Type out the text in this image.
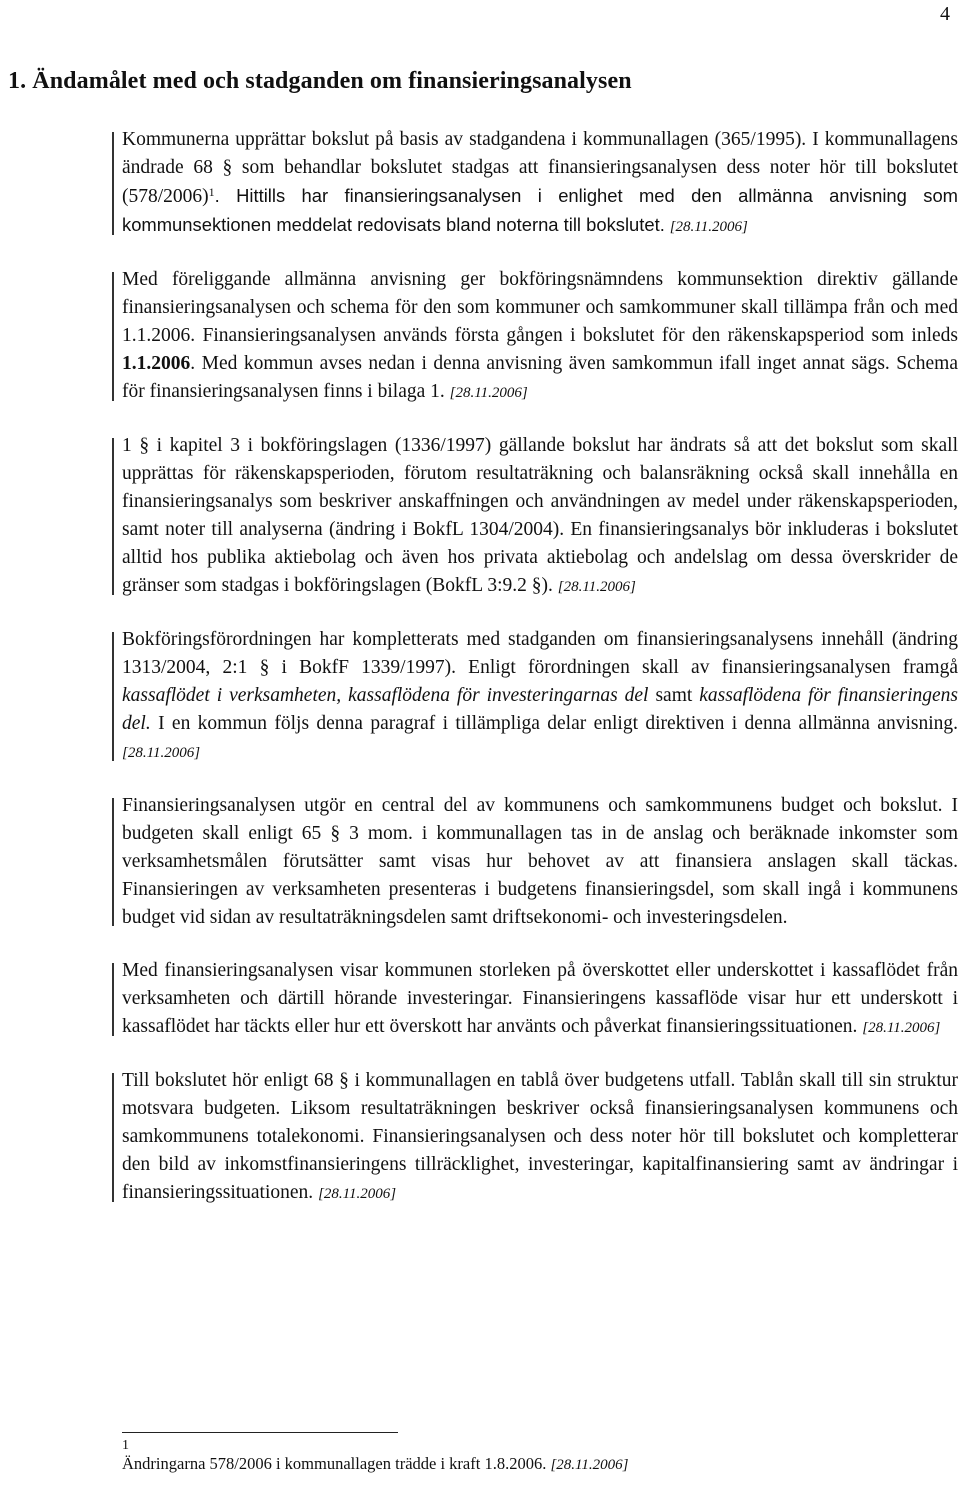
4
1. Ändamålet med och stadganden om finansieringsanalysen

Kommunerna upprättar bokslut på basis av stadgandena i kommunallagen (365/1995). I kommunallagens ändrade 68 § som behandlar bokslutet stadgas att finansieringsanalysen dess noter hör till bokslutet $(578/2006)^1$. Hittills har finansieringsanalysen i enlighet med den allmänna anvisning som kommunsektionen meddelat redovisats bland noterna till bokslutet. [28.11.2006]

Med föreliggande allmänna anvisning ger bokföringsnämndens kommunsektion direktiv gällande finansieringsanalysen och schema för den som kommuner och samkommuner skall tillämpa från och med 1.1.2006. Finansieringsanalysen används första gången i bokslutet för den räkenskapsperiod som inleds 1.1.2006. Med kommun avses nedan i denna anvisning även samkommun ifall inget annat sägs. Schema för finansieringsanalysen finns i bilaga 1. [28.11.2006]

1 § i kapitel 3 i bokföringslagen (1336/1997) gällande bokslut har ändrats så att det bokslut som skall upprättas för räkenskapsperioden, förutom resultaträkning och balansräkning också skall innehålla en finansieringsanalys som beskriver anskaffningen och användningen av medel under räkenskapsperioden, samt noter till analyserna (ändring i BokfL 1304/2004). En finansieringsanalys bör inkluderas i bokslutet alltid hos publika aktiebolag och även hos privata aktiebolag och andelslag om dessa överskrider de gränser som stadgas i bokföringslagen (BokfL 3:9.2 §). [28.11.2006]

Bokföringsförordningen har kompletterats med stadganden om finansieringsanalysens innehåll (ändring 1313/2004, 2:1 § i BokfF 1339/1997). Enligt förordningen skall av finansieringsanalysen framgå kassaflödet i verksamheten, kassaflödena för investeringarnas del samt kassaflödena för finansieringens del. I en kommun följs denna paragraf i tillämpliga delar enligt direktiven i denna allmänna anvisning. [28.11.2006]

Finansieringsanalysen utgör en central del av kommunens och samkommunens budget och bokslut. I budgeten skall enligt 65 § 3 mom. i kommunallagen tas in de anslag och beräknade inkomster som verksamhetsmålen förutsätter samt visas hur behovet av att finansiera anslagen skall täckas. Finansieringen av verksamheten presenteras i budgetens finansieringsdel, som skall ingå i kommunens budget vid sidan av resultaträkningsdelen samt driftsekonomi- och investeringsdelen.

Med finansieringsanalysen visar kommunen storleken på överskottet eller underskottet i kassaflödet från verksamheten och därtill hörande investeringar. Finansieringens kassaflöde visar hur ett underskott i kassaflödet har täckts eller hur ett överskott har använts och påverkat finansieringssituationen. [28.11.2006]

Till bokslutet hör enligt 68 § i kommunallagen en tablå över budgetens utfall. Tablån skall till sin struktur motsvara budgeten. Liksom resultaträkningen beskriver också finansieringsanalysen kommunens och samkommunens totalekonomi. Finansieringsanalysen och dess noter hör till bokslutet och kompletterar den bild av inkomstfinansieringens tillräcklighet, investeringar, kapitalfinansiering samt av ändringar i finansieringssituationen. [28.11.2006]

1
Ändringarna 578/2006 i kommunallagen trädde i kraft 1.8.2006. [28.11.2006]
